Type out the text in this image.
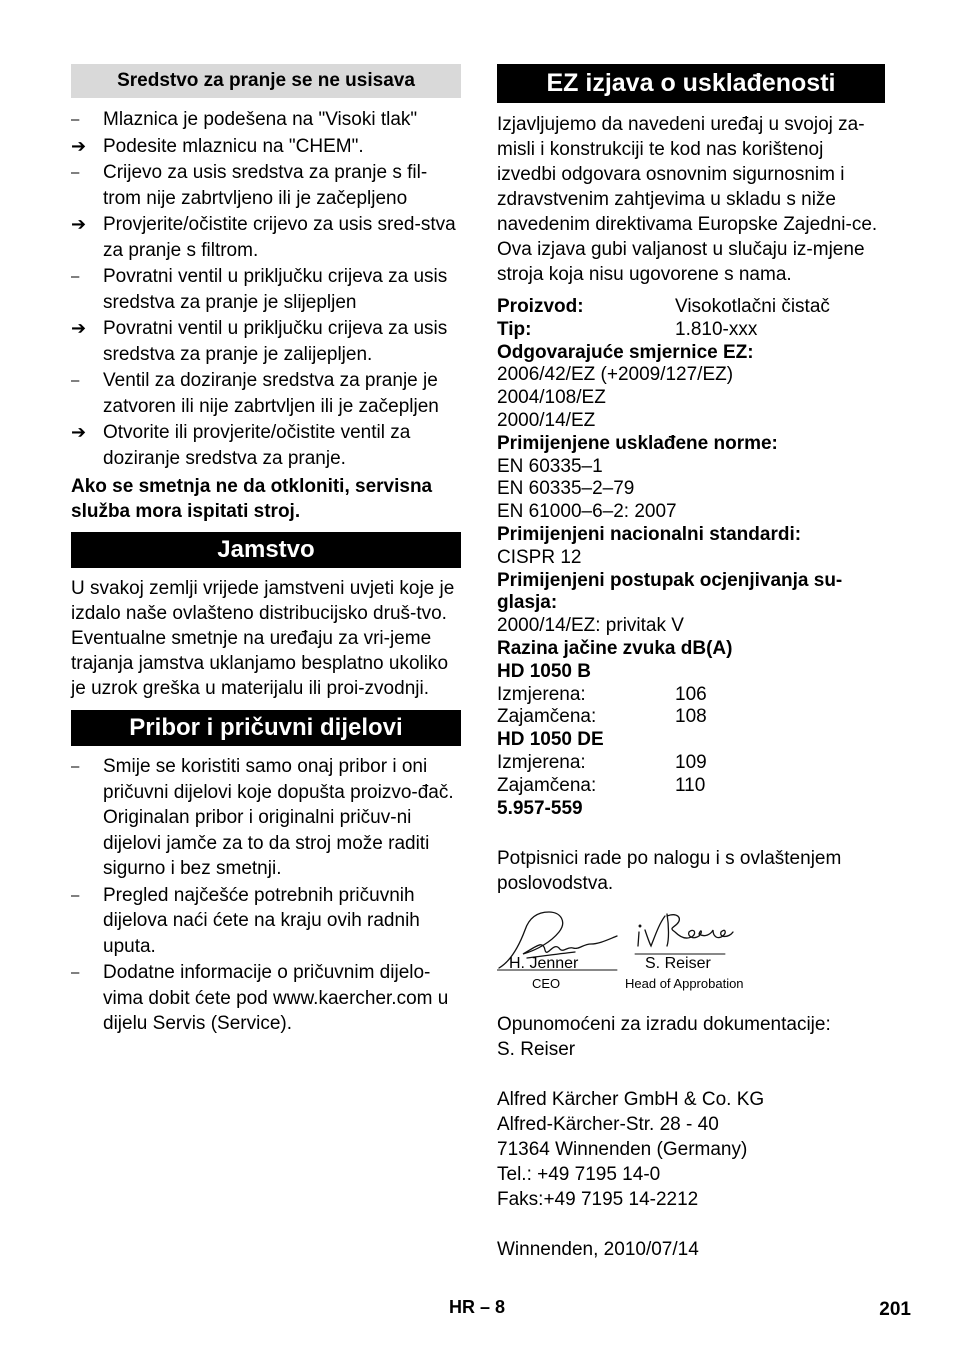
Sredstvo za pranje se ne usisava
–	Mlaznica je podešena na "Visoki tlak"
➔ Podesite mlaznicu na "CHEM".
–	Crijevo za usis sredstva za pranje s fil-trom nije zabrtvljeno ili je začepljeno
➔ Provjerite/očistite crijevo za usis sred-stva za pranje s filtrom.
–	Povratni ventil u priključku crijeva za usis sredstva za pranje je slijepljen
➔ Povratni ventil u priključku crijeva za usis sredstva za pranje je zalijepljen.
–	Ventil za doziranje sredstva za pranje je zatvoren ili nije zabrtvljen ili je začepljen
➔ Otvorite ili provjerite/očistite ventil za doziranje sredstva za pranje.
Ako se smetnja ne da otkloniti, servisna služba mora ispitati stroj.
Jamstvo
U svakoj zemlji vrijede jamstveni uvjeti koje je izdalo naše ovlašteno distribucijsko druš-tvo. Eventualne smetnje na uređaju za vri-jeme trajanja jamstva uklanjamo besplatno ukoliko je uzrok greška u materijalu ili proi-zvodnji.
Pribor i pričuvni dijelovi
–	Smije se koristiti samo onaj pribor i oni pričuvni dijelovi koje dopušta proizvo-đač. Originalan pribor i originalni pričuv-ni dijelovi jamče za to da stroj može raditi sigurno i bez smetnji.
–	Pregled najčešće potrebnih pričuvnih dijelova naći ćete na kraju ovih radnih uputa.
–	Dodatne informacije o pričuvnim dijelo-vima dobit ćete pod www.kaercher.com u dijelu Servis (Service).
EZ izjava o usklađenosti
Izjavljujemo da navedeni uređaj u svojoj za-misli i konstrukciji te kod nas korištenoj izvedbi odgovara osnovnim sigurnosnim i zdravstvenim zahtjevima u skladu s niže navedenim direktivama Europske Zajedni-ce. Ova izjava gubi valjanost u slučaju iz-mjene stroja koja nisu ugovorene s nama.
Proizvod:	Visokotlačni čistač
Tip:	1.810-xxx
Odgovarajuće smjernice EZ:
2006/42/EZ (+2009/127/EZ)
2004/108/EZ
2000/14/EZ
Primijenjene usklađene norme:
EN 60335–1
EN 60335–2–79
EN 61000–6–2: 2007
Primijenjeni nacionalni standardi:
CISPR 12
Primijenjeni postupak ocjenjivanja su-glasja:
2000/14/EZ: privitak V
Razina jačine zvuka dB(A)
HD 1050 B
Izmjerena:	106
Zajamčena:	108
HD 1050 DE
Izmjerena:	109
Zajamčena:	110
5.957-559
Potpisnici rade po nalogu i s ovlaštenjem poslovodstva.
H. Jenner
CEO
S. Reiser
Head of Approbation
Opunomoćeni za izradu dokumentacije:
S. Reiser
Alfred Kärcher GmbH & Co. KG
Alfred-Kärcher-Str. 28 - 40
71364 Winnenden (Germany)
Tel.: +49 7195 14-0
Faks:+49 7195 14-2212
Winnenden, 2010/07/14
HR – 8	201
